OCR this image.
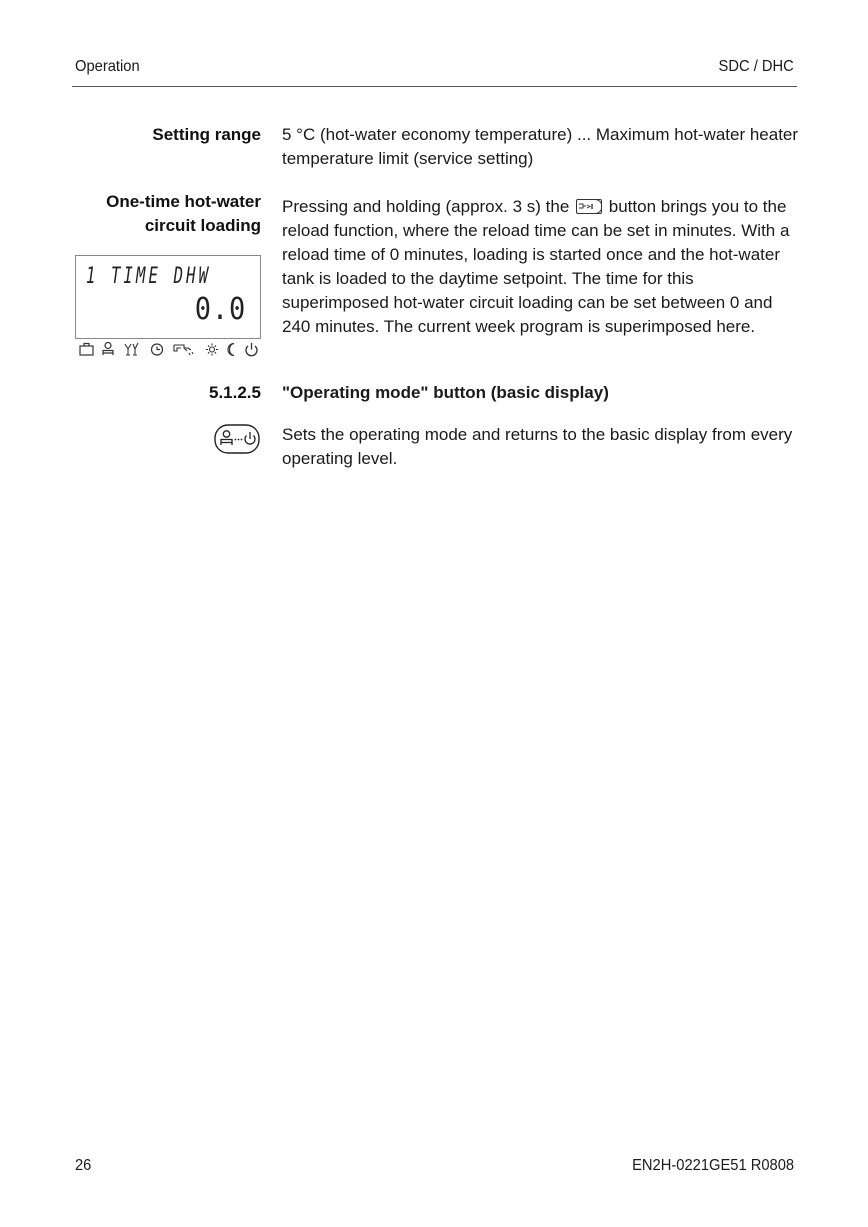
Operation	SDC / DHC
Setting range 5 °C (hot-water economy temperature) ... Maximum hot-water heater temperature limit (service setting)
One-time hot-water
circuit loading
Pressing and holding (approx. 3 s) the button brings you to the reload function, where the reload time can be set in minutes. With a reload time of 0 minutes, loading is started once and the hot-water tank is loaded to the daytime setpoint. The time for this superimposed hot-water circuit loading can be set between 0 and 240 minutes. The current week program is superimposed here.
1 TIME DHW
0.0
5.1.2.5 "Operating mode" button (basic display)
Sets the operating mode and returns to the basic display from every operating level.
26	EN2H-0221GE51 R0808
